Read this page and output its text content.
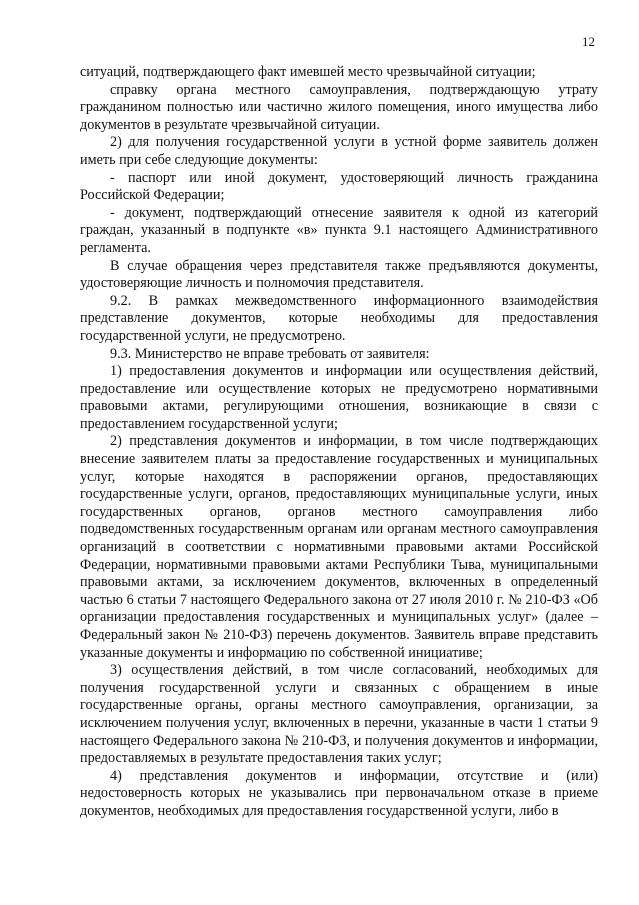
12

ситуаций, подтверждающего факт имевшей место чрезвычайной ситуации;

справку органа местного самоуправления, подтверждающую утрату гражданином полностью или частично жилого помещения, иного имущества либо документов в результате чрезвычайной ситуации.

2) для получения государственной услуги в устной форме заявитель должен иметь при себе следующие документы:

- паспорт или иной документ, удостоверяющий личность гражданина Российской Федерации;

- документ, подтверждающий отнесение заявителя к одной из категорий граждан, указанный в подпункте «в» пункта 9.1 настоящего Административного регламента.

В случае обращения через представителя также предъявляются документы, удостоверяющие личность и полномочия представителя.

9.2. В рамках межведомственного информационного взаимодействия представление документов, которые необходимы для предоставления государственной услуги, не предусмотрено.

9.3. Министерство не вправе требовать от заявителя:

1) предоставления документов и информации или осуществления действий, предоставление или осуществление которых не предусмотрено нормативными правовыми актами, регулирующими отношения, возникающие в связи с предоставлением государственной услуги;

2) представления документов и информации, в том числе подтверждающих внесение заявителем платы за предоставление государственных и муниципальных услуг, которые находятся в распоряжении органов, предоставляющих государственные услуги, органов, предоставляющих муниципальные услуги, иных государственных органов, органов местного самоуправления либо подведомственных государственным органам или органам местного самоуправления организаций в соответствии с нормативными правовыми актами Российской Федерации, нормативными правовыми актами Республики Тыва, муниципальными правовыми актами, за исключением документов, включенных в определенный частью 6 статьи 7 настоящего Федерального закона от 27 июля 2010 г. № 210-ФЗ «Об организации предоставления государственных и муниципальных услуг» (далее – Федеральный закон № 210-ФЗ) перечень документов. Заявитель вправе представить указанные документы и информацию по собственной инициативе;

3) осуществления действий, в том числе согласований, необходимых для получения государственной услуги и связанных с обращением в иные государственные органы, органы местного самоуправления, организации, за исключением получения услуг, включенных в перечни, указанные в части 1 статьи 9 настоящего Федерального закона № 210-ФЗ, и получения документов и информации, предоставляемых в результате предоставления таких услуг;

4) представления документов и информации, отсутствие и (или) недостоверность которых не указывались при первоначальном отказе в приеме документов, необходимых для предоставления государственной услуги, либо в
